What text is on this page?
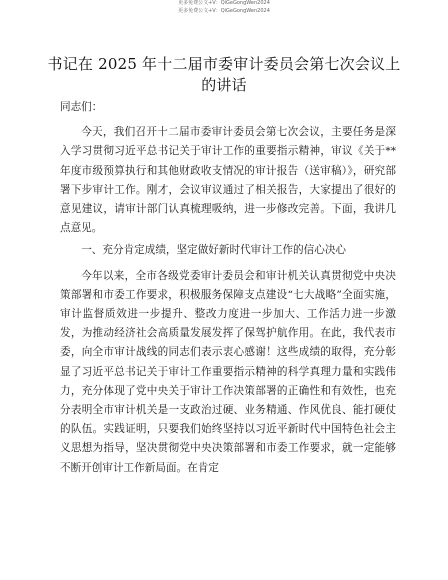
更多免费公文+V：QiGeGongWen2024
更多免费公文+V：QiGeGongWen2024
书记在 2025 年十二届市委审计委员会第七次会议上的讲话

同志们：

今天，我们召开十二届市委审计委员会第七次会议，主要任务是深入学习贯彻习近平总书记关于审计工作的重要指示精神，审议《关于**年度市级预算执行和其他财政收支情况的审计报告（送审稿）》，研究部署下步审计工作。刚才，会议审议通过了相关报告，大家提出了很好的意见建议，请审计部门认真梳理吸纳，进一步修改完善。下面，我讲几点意见。

一、充分肯定成绩，坚定做好新时代审计工作的信心决心

今年以来，全市各级党委审计委员会和审计机关认真贯彻党中央决策部署和市委工作要求，积极服务保障支点建设“七大战略”全面实施，审计监督质效进一步提升、整改力度进一步加大、工作活力进一步激发，为推动经济社会高质量发展发挥了保驾护航作用。在此，我代表市委，向全市审计战线的同志们表示衷心感谢！这些成绩的取得，充分彰显了习近平总书记关于审计工作重要指示精神的科学真理力量和实践伟力，充分体现了党中央关于审计工作决策部署的正确性和有效性，也充分表明全市审计机关是一支政治过硬、业务精通、作风优良、能打硬仗的队伍。实践证明，只要我们始终坚持以习近平新时代中国特色社会主义思想为指导，坚决贯彻党中央决策部署和市委工作要求，就一定能够不断开创审计工作新局面。在肯定
